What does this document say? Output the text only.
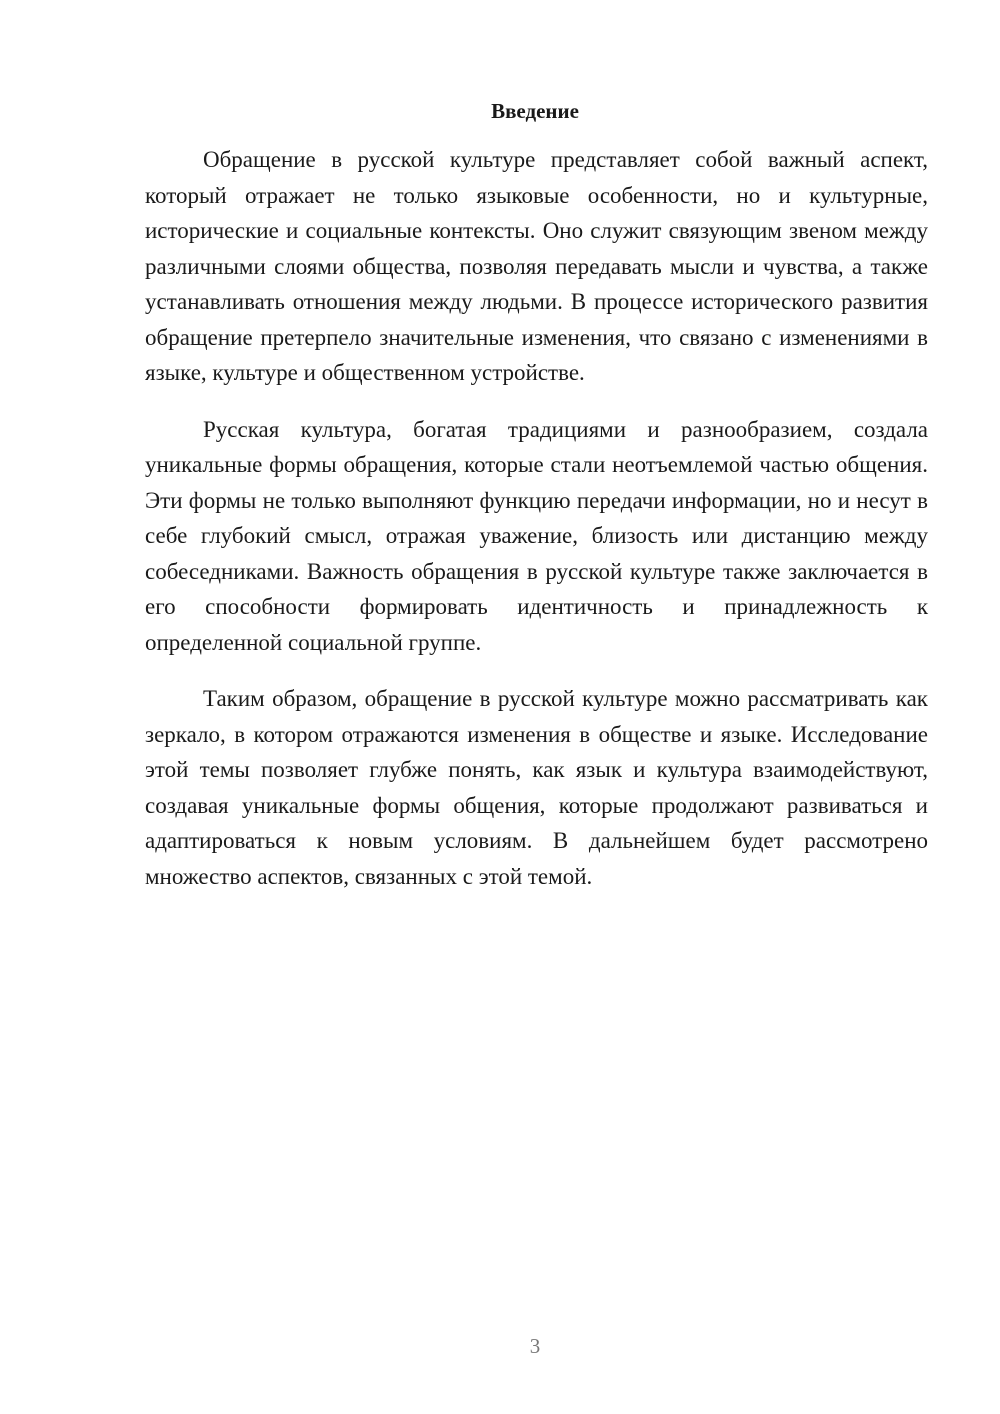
Введение

Обращение в русской культуре представляет собой важный аспект, который отражает не только языковые особенности, но и культурные, исторические и социальные контексты. Оно служит связующим звеном между различными слоями общества, позволяя передавать мысли и чувства, а также устанавливать отношения между людьми. В процессе исторического развития обращение претерпело значительные изменения, что связано с изменениями в языке, культуре и общественном устройстве.

Русская культура, богатая традициями и разнообразием, создала уникальные формы обращения, которые стали неотъемлемой частью общения. Эти формы не только выполняют функцию передачи информации, но и несут в себе глубокий смысл, отражая уважение, близость или дистанцию между собеседниками. Важность обращения в русской культуре также заключается в его способности формировать идентичность и принадлежность к определенной социальной группе.

Таким образом, обращение в русской культуре можно рассматривать как зеркало, в котором отражаются изменения в обществе и языке. Исследование этой темы позволяет глубже понять, как язык и культура взаимодействуют, создавая уникальные формы общения, которые продолжают развиваться и адаптироваться к новым условиям. В дальнейшем будет рассмотрено множество аспектов, связанных с этой темой.

3
